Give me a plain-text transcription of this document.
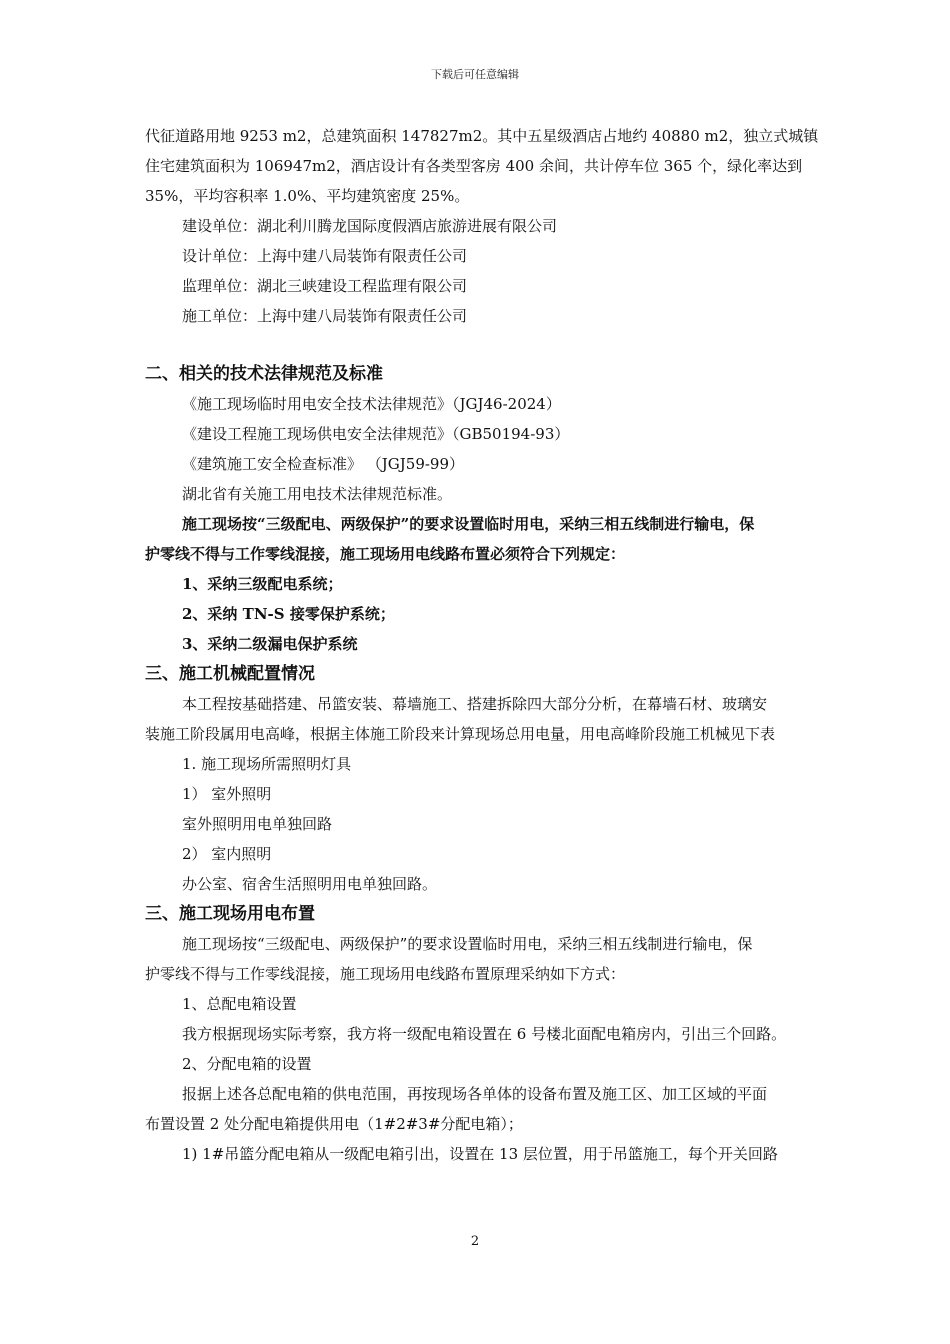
下载后可任意编辑

代征道路用地 9253 m2，总建筑面积 147827m2。其中五星级酒店占地约 40880 m2，独立式城镇

住宅建筑面积为 106947m2，酒店设计有各类型客房 400 余间，共计停车位 365 个，绿化率达到

35%，平均容积率 1.0%、平均建筑密度 25%。

建设单位：湖北利川腾龙国际度假酒店旅游进展有限公司

设计单位：上海中建八局装饰有限责任公司

监理单位：湖北三峡建设工程监理有限公司

施工单位：上海中建八局装饰有限责任公司

二、相关的技术法律规范及标准

《施工现场临时用电安全技术法律规范》（JGJ46-2024）

《建设工程施工现场供电安全法律规范》（GB50194-93）

《建筑施工安全检查标准》 （JGJ59-99）

湖北省有关施工用电技术法律规范标准。

施工现场按“三级配电、两级保护”的要求设置临时用电，采纳三相五线制进行输电，保

护零线不得与工作零线混接，施工现场用电线路布置必须符合下列规定：

1、采纳三级配电系统；

2、采纳 TN-S 接零保护系统；

3、采纳二级漏电保护系统

三、施工机械配置情况

本工程按基础搭建、吊篮安装、幕墙施工、搭建拆除四大部分分析，在幕墙石材、玻璃安

装施工阶段属用电高峰，根据主体施工阶段来计算现场总用电量，用电高峰阶段施工机械见下表

1. 施工现场所需照明灯具

1） 室外照明

室外照明用电单独回路

2） 室内照明

办公室、宿舍生活照明用电单独回路。

三、施工现场用电布置

施工现场按“三级配电、两级保护”的要求设置临时用电，采纳三相五线制进行输电，保

护零线不得与工作零线混接，施工现场用电线路布置原理采纳如下方式：

1、总配电箱设置

我方根据现场实际考察，我方将一级配电箱设置在 6 号楼北面配电箱房内，引出三个回路。

2、分配电箱的设置

报据上述各总配电箱的供电范围，再按现场各单体的设备布置及施工区、加工区域的平面

布置设置 2 处分配电箱提供用电（1#2#3#分配电箱）；

1) 1#吊篮分配电箱从一级配电箱引出，设置在 13 层位置，用于吊篮施工，每个开关回路

2
